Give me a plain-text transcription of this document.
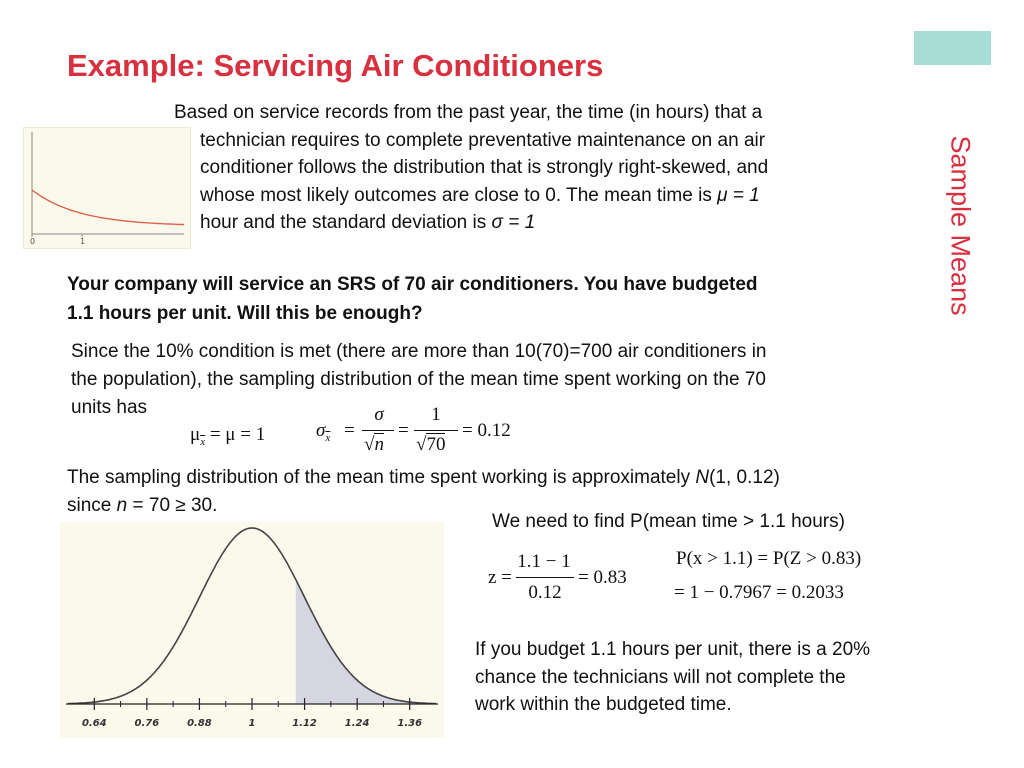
Example: Servicing Air Conditioners
Sample Means
Based on service records from the past year, the time (in hours) that a
technician requires to complete preventative maintenance on an air
conditioner follows the distribution that is strongly right-skewed, and
whose most likely outcomes are close to 0. The mean time is μ = 1
hour and the standard deviation is σ = 1
0	1
Your company will service an SRS of 70 air conditioners. You have budgeted
1.1 hours per unit. Will this be enough?
Since the 10% condition is met (there are more than 10(70)=700 air conditioners in
the population), the sampling distribution of the mean time spent working on the 70
units has
$\mu_{\overline{x}} = \mu = 1$	$\sigma_{\overline{x}}$ =
σ
√n
=
1
√70
= 0.12
The sampling distribution of the mean time spent working is approximately N(1, 0.12)
since n = 70 ≥ 30.
We need to find P(mean time > 1.1 hours)
z =
1.1 − 1
0.12
= 0.83
P(x > 1.1) = P(Z > 0.83)
= 1 − 0.7967 = 0.2033
0.64	0.76	0.88	1	1.12	1.24	1.36
If you budget 1.1 hours per unit, there is a 20%
chance the technicians will not complete the
work within the budgeted time.
